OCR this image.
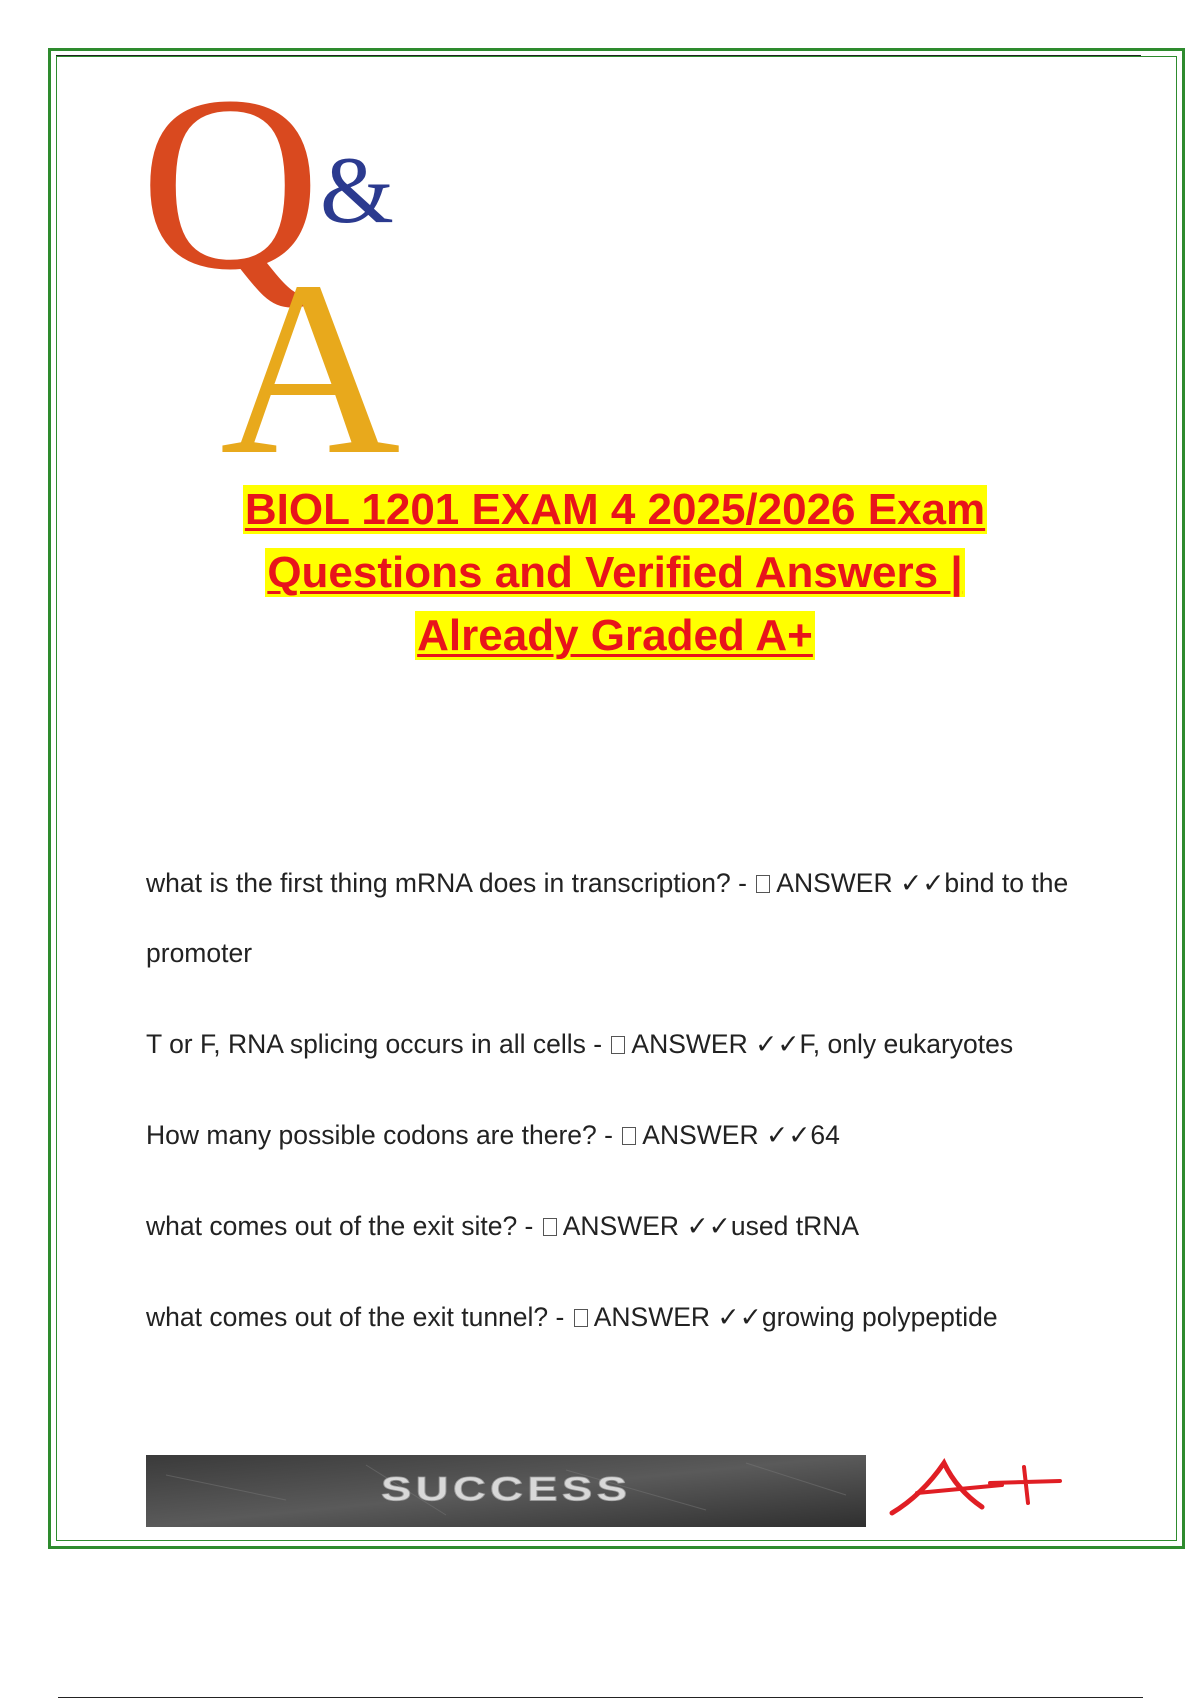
Q &
A
BIOL 1201 EXAM 4 2025/2026 Exam
Questions and Verified Answers |
Already Graded A+

what is the first thing mRNA does in transcription? - ANSWER ✓✓bind to the promoter

T or F, RNA splicing occurs in all cells - ANSWER ✓✓F, only eukaryotes

How many possible codons are there? - ANSWER ✓✓64

what comes out of the exit site? - ANSWER ✓✓used tRNA

what comes out of the exit tunnel? - ANSWER ✓✓growing polypeptide

SUCCESS
